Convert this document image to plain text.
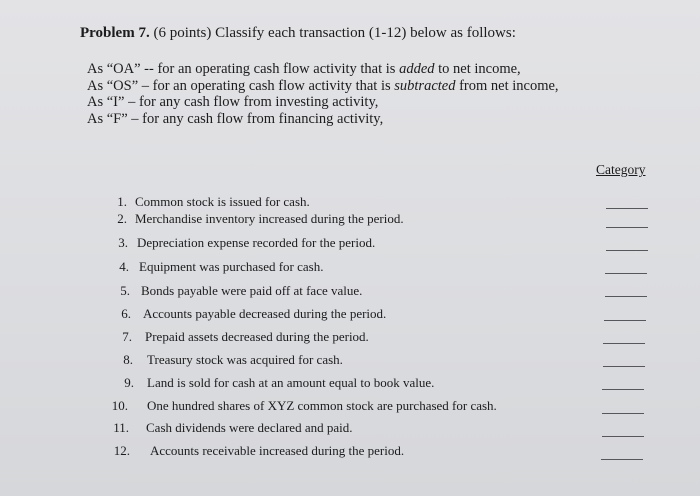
Problem 7. (6 points) Classify each transaction (1-12) below as follows:
As “OA” -- for an operating cash flow activity that is added to net income,
As “OS” – for an operating cash flow activity that is subtracted from net income,
As “I” – for any cash flow from investing activity,
As “F” – for any cash flow from financing activity,
Category
1. Common stock is issued for cash.
2. Merchandise inventory increased during the period.
3. Depreciation expense recorded for the period.
4. Equipment was purchased for cash.
5. Bonds payable were paid off at face value.
6. Accounts payable decreased during the period.
7. Prepaid assets decreased during the period.
8. Treasury stock was acquired for cash.
9. Land is sold for cash at an amount equal to book value.
10. One hundred shares of XYZ common stock are purchased for cash.
11. Cash dividends were declared and paid.
12. Accounts receivable increased during the period.
